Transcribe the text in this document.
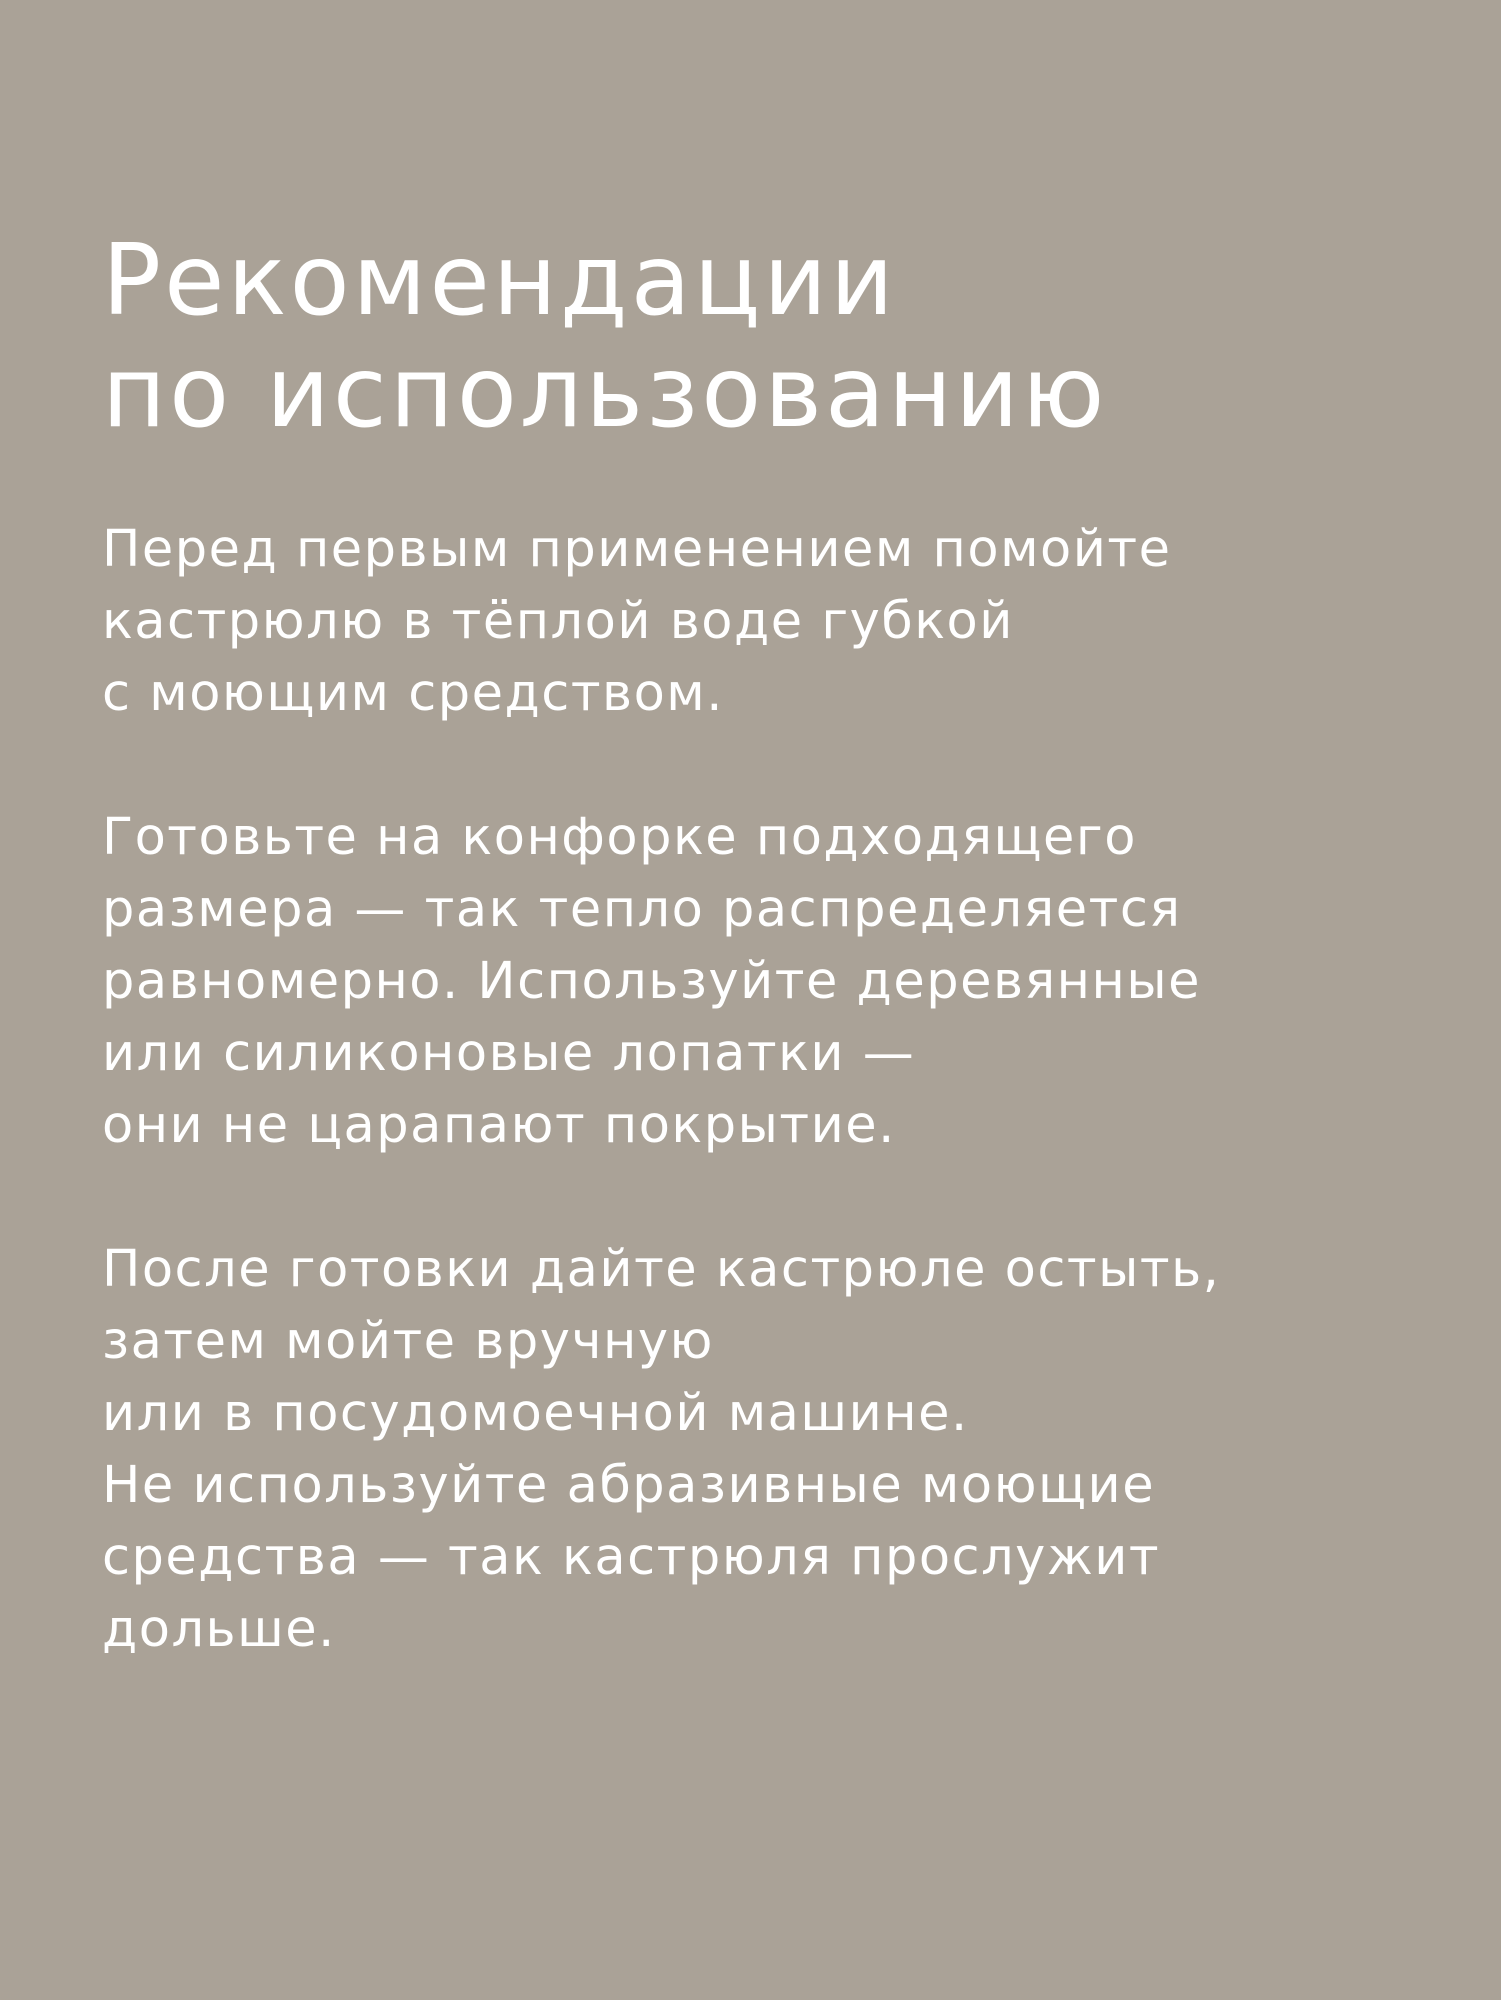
Рекомендации
по использованию

Перед первым применением помойте
кастрюлю в тёплой воде губкой
с моющим средством.

Готовьте на конфорке подходящего
размера — так тепло распределяется
равномерно. Используйте деревянные
или силиконовые лопатки —
они не царапают покрытие.

После готовки дайте кастрюле остыть,
затем мойте вручную
или в посудомоечной машине.
Не используйте абразивные моющие
средства — так кастрюля прослужит
дольше.
